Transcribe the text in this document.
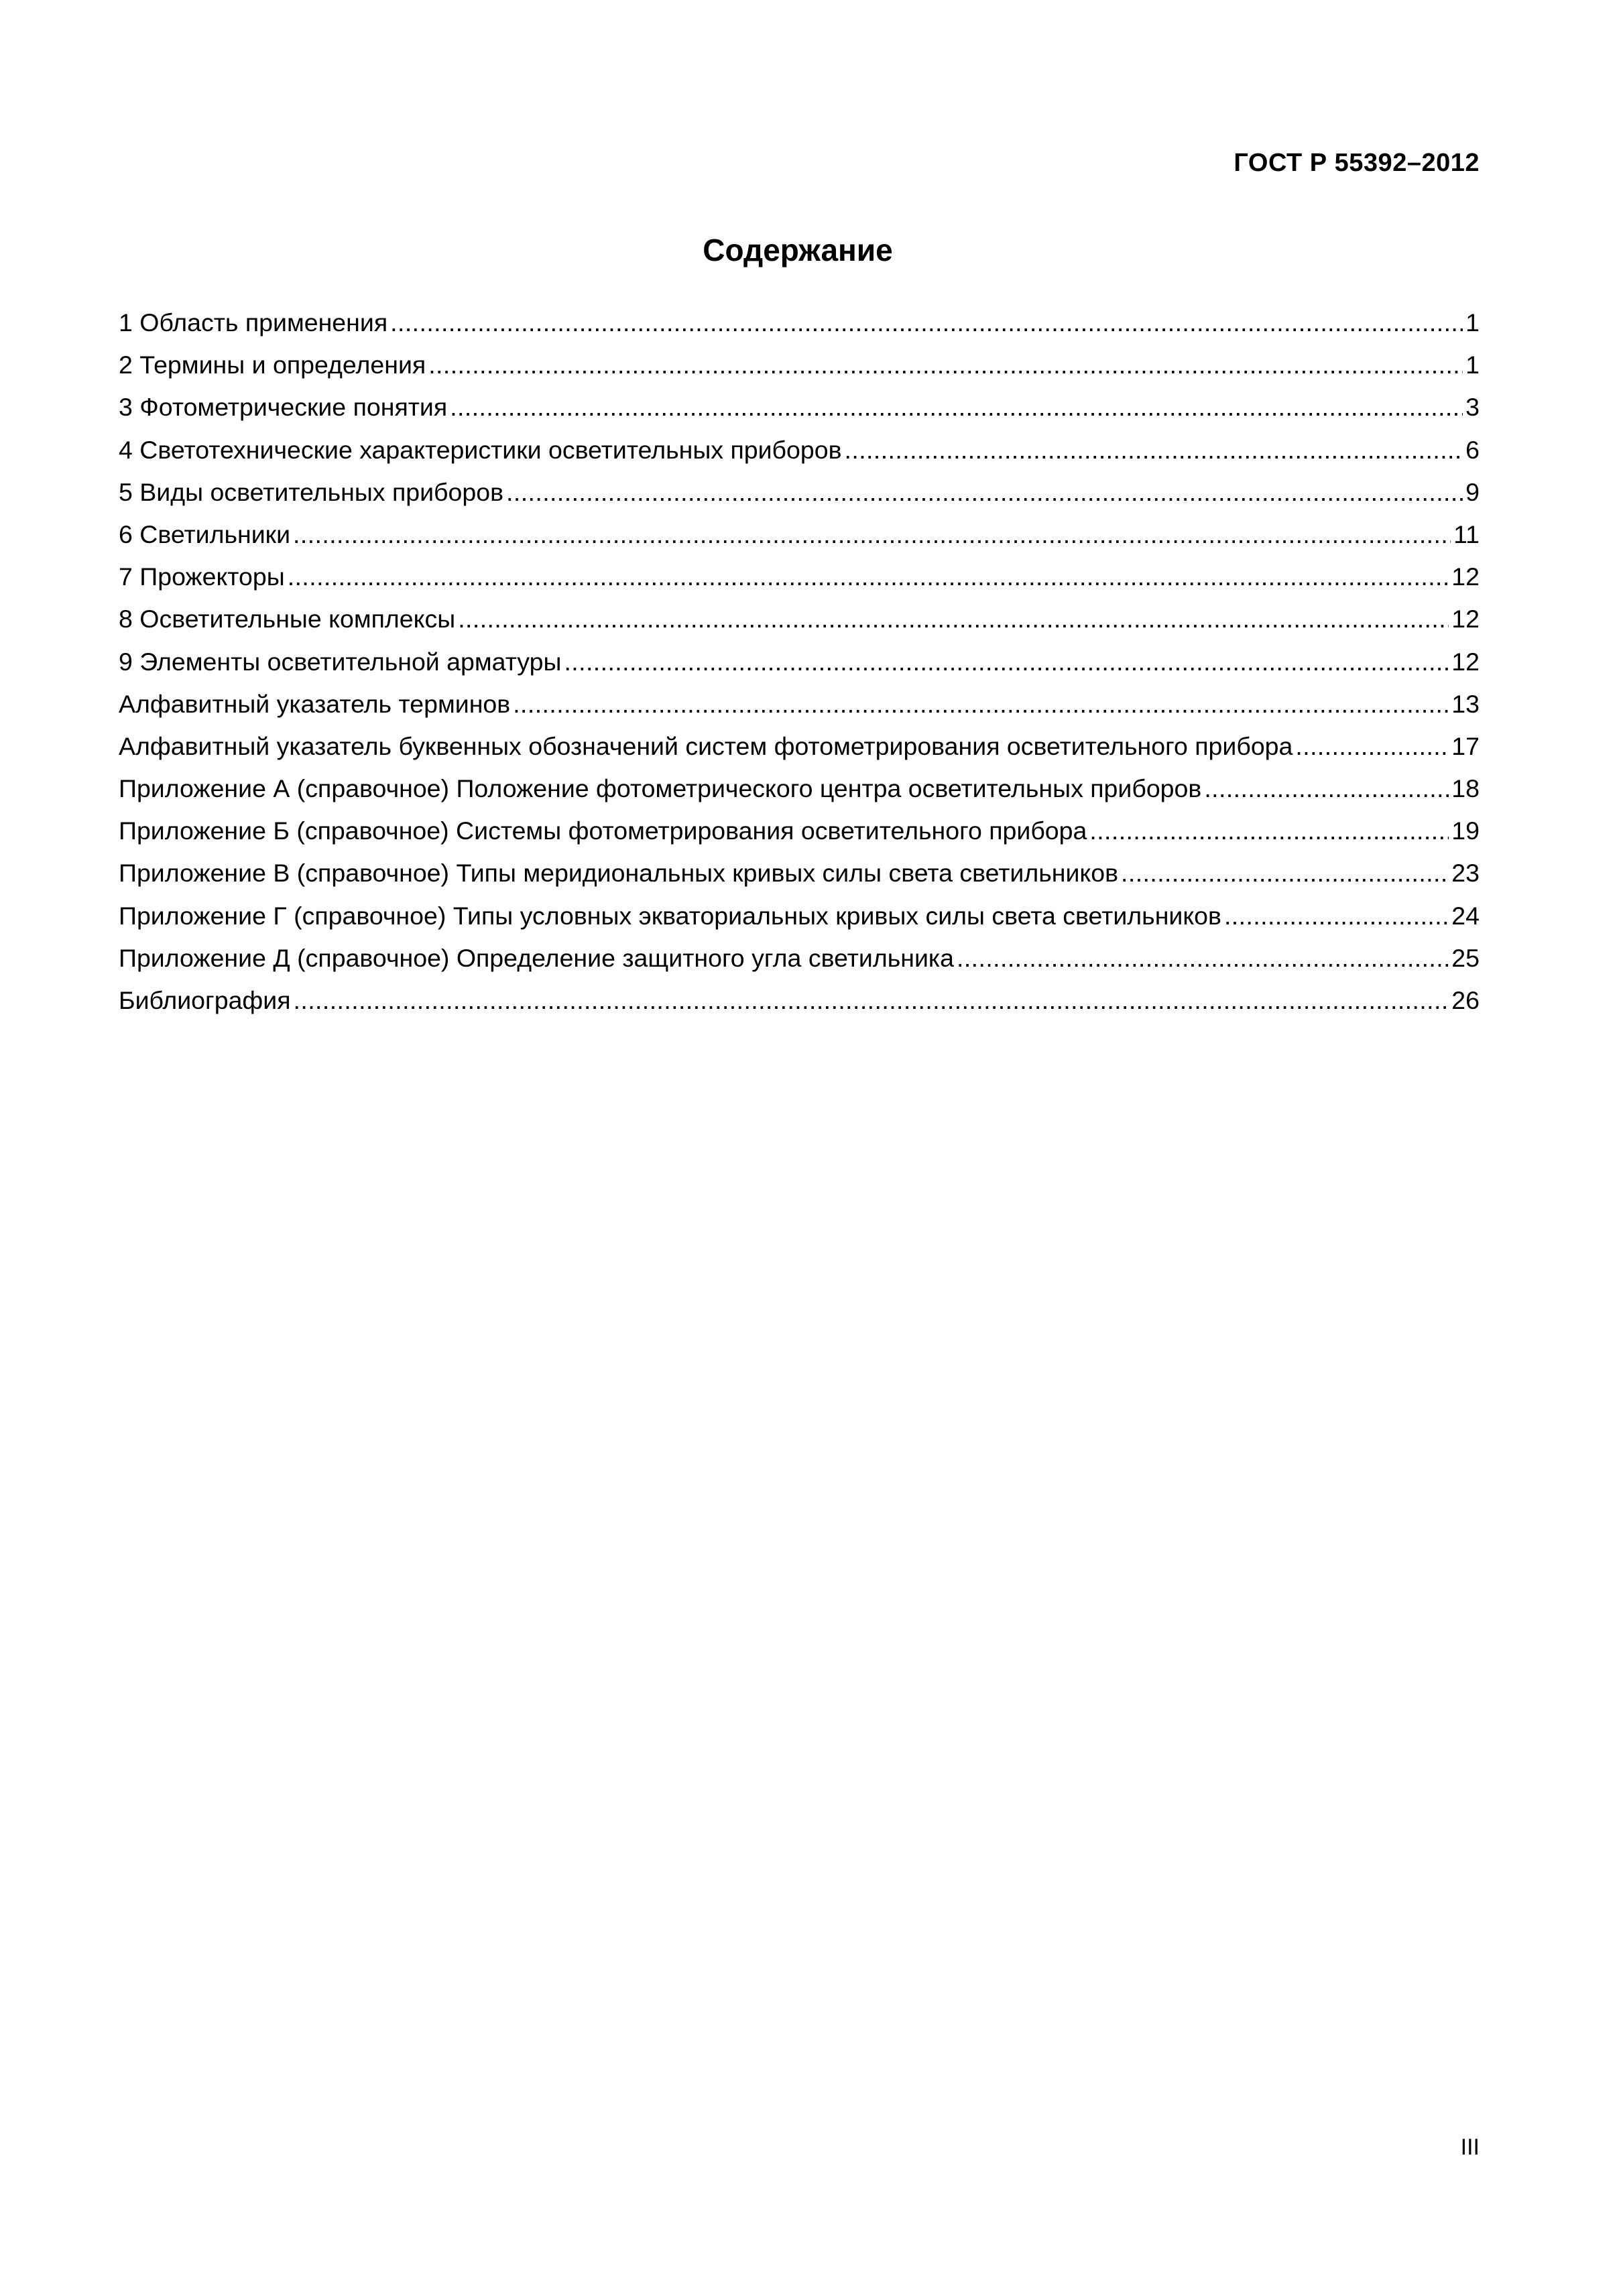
ГОСТ Р 55392–2012
Содержание
1 Область применения . . .	1
2 Термины и определения . . .	1
3 Фотометрические понятия . . .	3
4 Светотехнические характеристики осветительных приборов . . .	6
5 Виды осветительных приборов . . .	9
6 Светильники . . .	11
7 Прожекторы . . .	12
8 Осветительные комплексы . . .	12
9 Элементы осветительной арматуры . . .	12
Алфавитный указатель терминов . . .	13
Алфавитный указатель буквенных обозначений систем фотометрирования осветительного прибора . . .	17
Приложение А (справочное) Положение фотометрического центра осветительных приборов . . .	18
Приложение Б (справочное) Системы фотометрирования осветительного прибора . . .	19
Приложение В (справочное) Типы меридиональных кривых силы света светильников . . .	23
Приложение Г (справочное) Типы условных экваториальных кривых силы света светильников . . .	24
Приложение Д (справочное) Определение защитного угла светильника . . .	25
Библиография . . .	26
III
